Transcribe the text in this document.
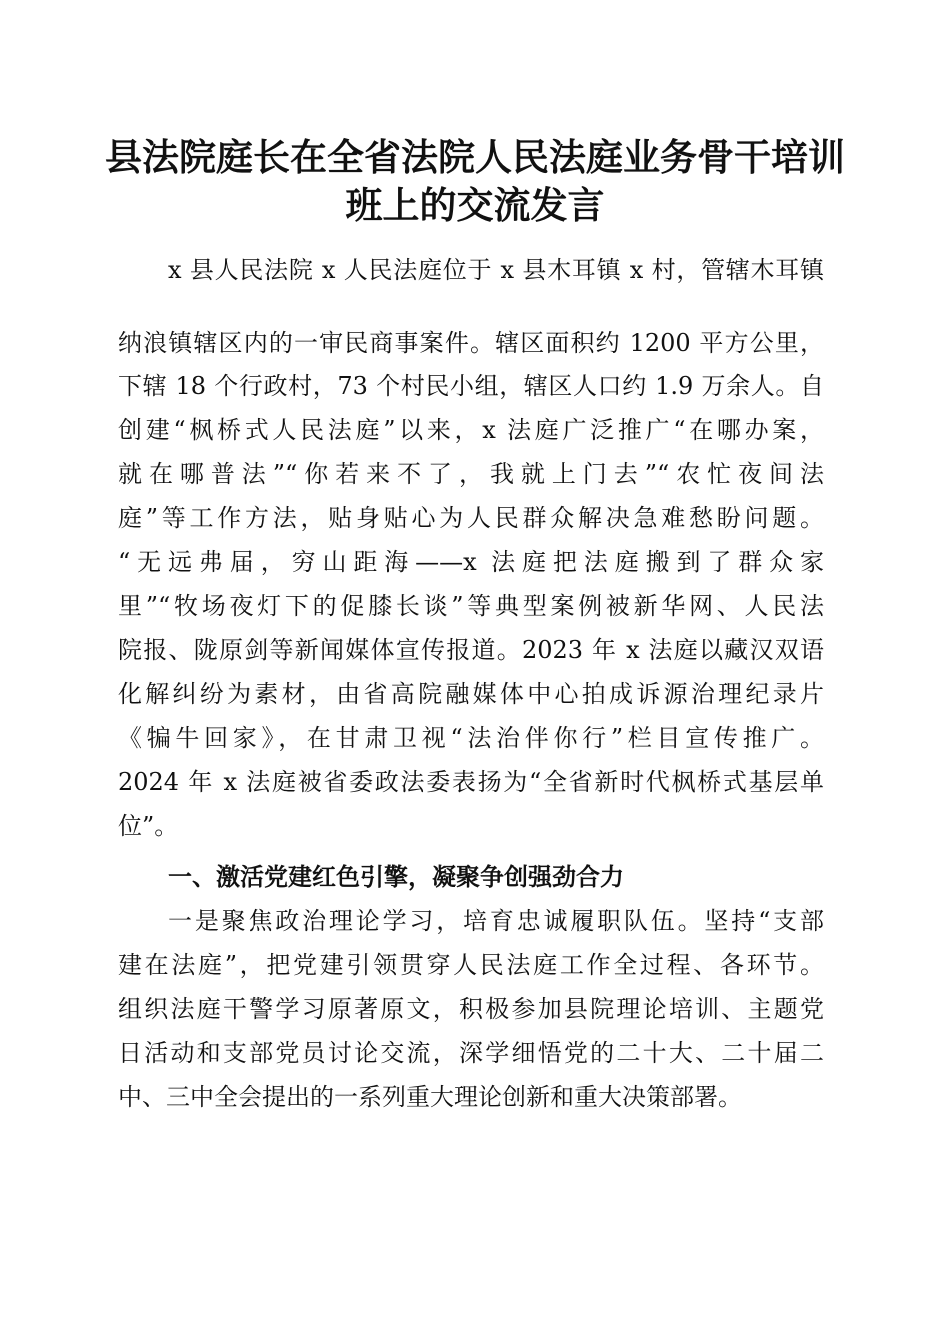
县法院庭长在全省法院人民法庭业务骨干培训
班上的交流发言
x 县人民法院 x 人民法庭位于 x 县木耳镇 x 村，管辖木耳镇
纳浪镇辖区内的一审民商事案件。辖区面积约 1200 平方公里，
下辖 18 个行政村，73 个村民小组，辖区人口约 1.9 万余人。自
创建“枫桥式人民法庭”以来，x 法庭广泛推广“在哪办案，
就在哪普法”“你若来不了，我就上门去”“农忙夜间法
庭”等工作方法，贴身贴心为人民群众解决急难愁盼问题。
“无远弗届，穷山距海——x 法庭把法庭搬到了群众家
里”“牧场夜灯下的促膝长谈”等典型案例被新华网、人民法
院报、陇原剑等新闻媒体宣传报道。2023 年 x 法庭以藏汉双语
化解纠纷为素材，由省高院融媒体中心拍成诉源治理纪录片
《犏牛回家》，在甘肃卫视“法治伴你行”栏目宣传推广。
2024 年 x 法庭被省委政法委表扬为“全省新时代枫桥式基层单
位”。
一、激活党建红色引擎，凝聚争创强劲合力
一是聚焦政治理论学习，培育忠诚履职队伍。坚持“支部
建在法庭”，把党建引领贯穿人民法庭工作全过程、各环节。
组织法庭干警学习原著原文，积极参加县院理论培训、主题党
日活动和支部党员讨论交流，深学细悟党的二十大、二十届二
中、三中全会提出的一系列重大理论创新和重大决策部署。
